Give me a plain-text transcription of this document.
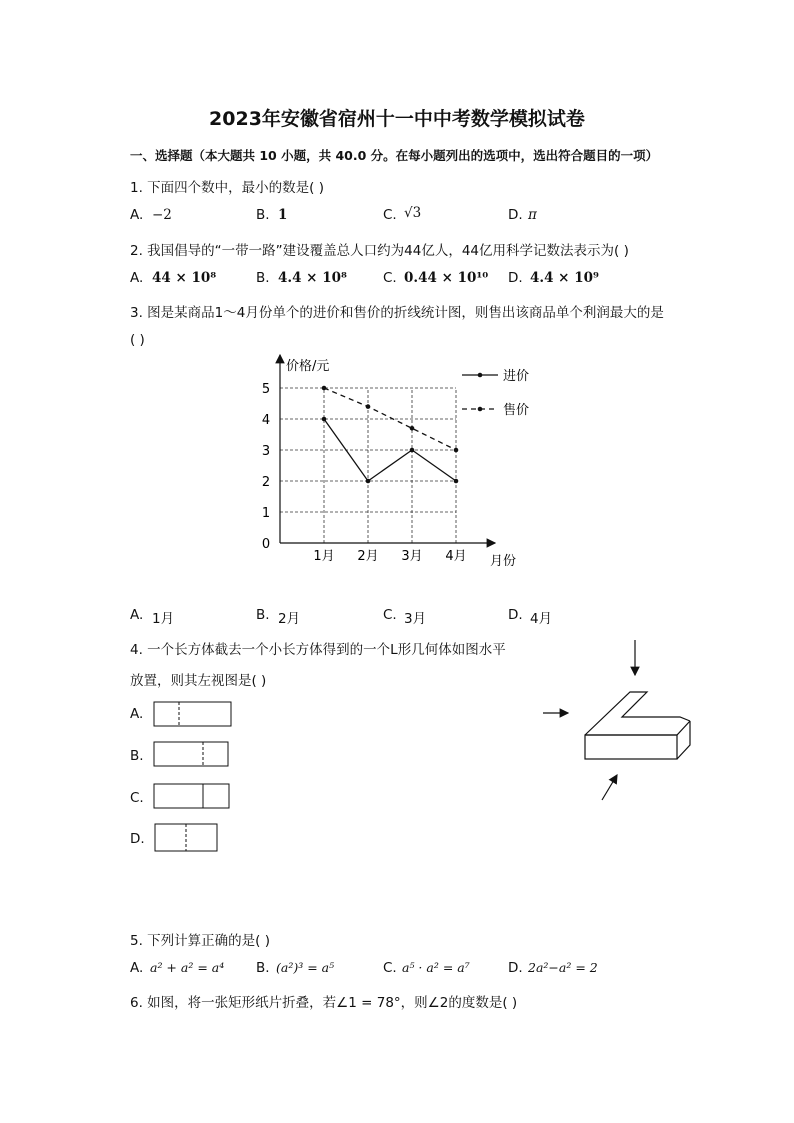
2023年安徽省宿州十一中中考数学模拟试卷
一、选择题（本大题共 10 小题，共 40.0 分。在每小题列出的选项中，选出符合题目的一项）
1. 下面四个数中，最小的数是( )
A. −2	B. 1	C. √3	D. π
2. 我国倡导的“一带一路”建设覆盖总人口约为44亿人，44亿用科学记数法表示为( )
A. 44 × 10⁸	B. 4.4 × 10⁸	C. 0.44 × 10¹⁰ D. 4.4 × 10⁹
3. 图是某商品1～4月份单个的进价和售价的折线统计图，则售出该商品单个利润最大的是
( )
0
1
2
3
4
5
1月 2月 3月 4月
价格/元
月份
进价
售价
A. 1月	B. 2月	C. 3月	D. 4月
4. 一个长方体截去一个小长方体得到的一个L形几何体如图水平
放置，则其左视图是( )
A.
B.
C.
D.
5. 下列计算正确的是( )
A. a² + a² = a⁴ B. (a²)³ = a⁵	C. a⁵ · a² = a⁷	D. 2a²−a² = 2
6. 如图，将一张矩形纸片折叠，若∠1 = 78°，则∠2的度数是( )
